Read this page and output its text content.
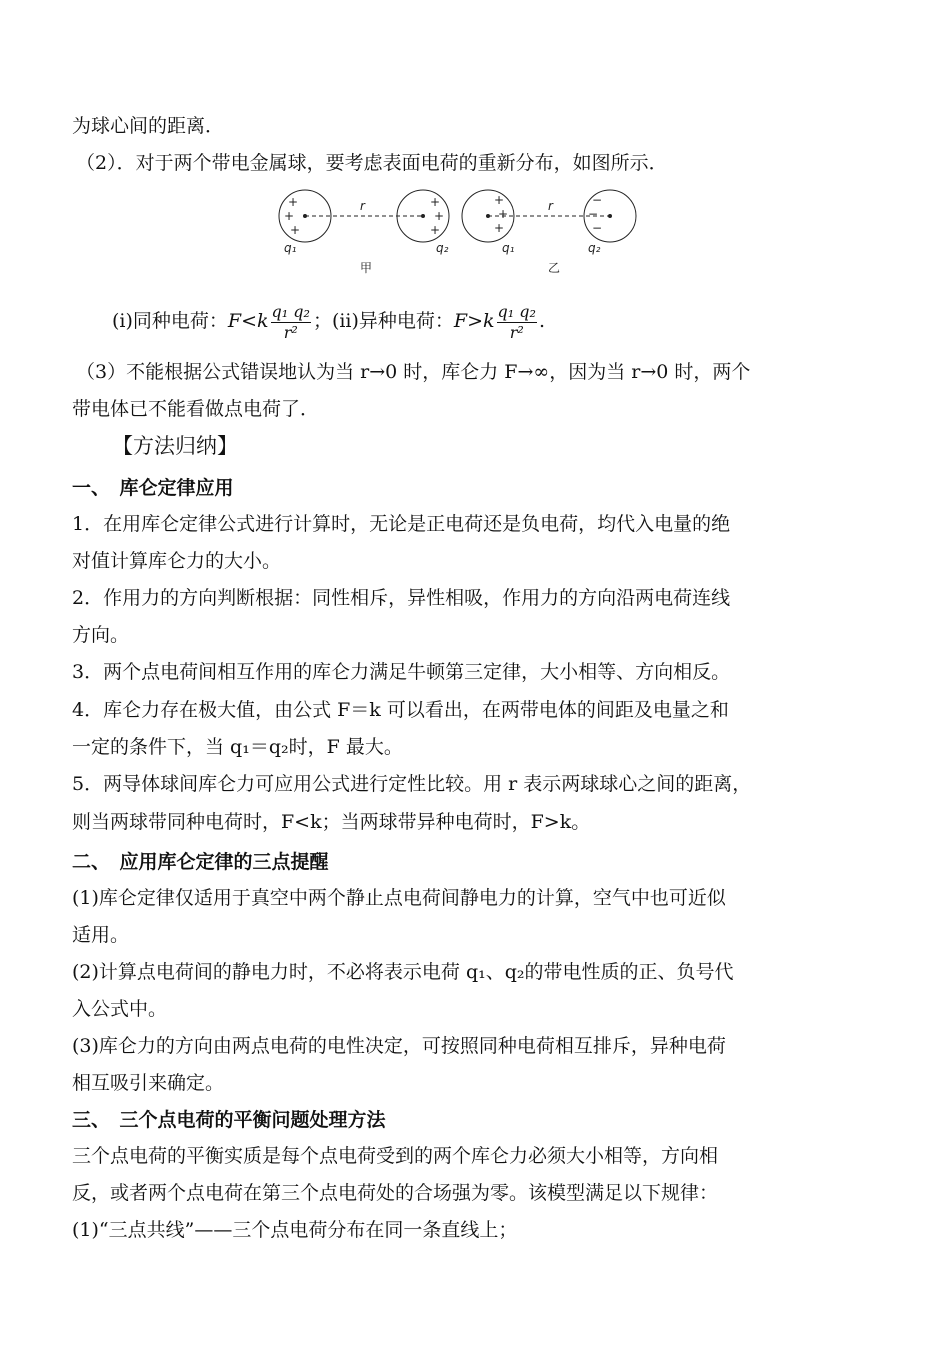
为球心间的距离．
（2）．对于两个带电金属球，要考虑表面电荷的重新分布，如图所示．
+
+
+
+
+
+
+
+
+
−
−
−
r	r
q₁	q₂	q₁	q₂
甲	乙
(i)同种电荷：$F<k \frac{\text{q₁ q₂}}{\text{r²}}$ ；(ii)异种电荷：$F>k \frac{\text{q₁ q₂}}{\text{r²}}$ .
（3）不能根据公式错误地认为当 r→0 时，库仑力 F→∞，因为当 r→0 时，两个
带电体已不能看做点电荷了．
【方法归纳】
一、　库仑定律应用
1．在用库仑定律公式进行计算时，无论是正电荷还是负电荷，均代入电量的绝
对值计算库仑力的大小。
2．作用力的方向判断根据：同性相斥，异性相吸，作用力的方向沿两电荷连线
方向。
3．两个点电荷间相互作用的库仑力满足牛顿第三定律，大小相等、方向相反。
4．库仑力存在极大值，由公式 F＝k 可以看出，在两带电体的间距及电量之和
一定的条件下，当 q₁＝q₂时，F 最大。
5．两导体球间库仑力可应用公式进行定性比较。用 r 表示两球球心之间的距离，
则当两球带同种电荷时，F<k；当两球带异种电荷时，F>k。
二、　应用库仑定律的三点提醒
(1)库仑定律仅适用于真空中两个静止点电荷间静电力的计算，空气中也可近似
适用。
(2)计算点电荷间的静电力时，不必将表示电荷 q₁、q₂的带电性质的正、负号代
入公式中。
(3)库仑力的方向由两点电荷的电性决定，可按照同种电荷相互排斥，异种电荷
相互吸引来确定。
三、　三个点电荷的平衡问题处理方法
三个点电荷的平衡实质是每个点电荷受到的两个库仑力必须大小相等，方向相
反，或者两个点电荷在第三个点电荷处的合场强为零。该模型满足以下规律：
(1)“三点共线”——三个点电荷分布在同一条直线上；
